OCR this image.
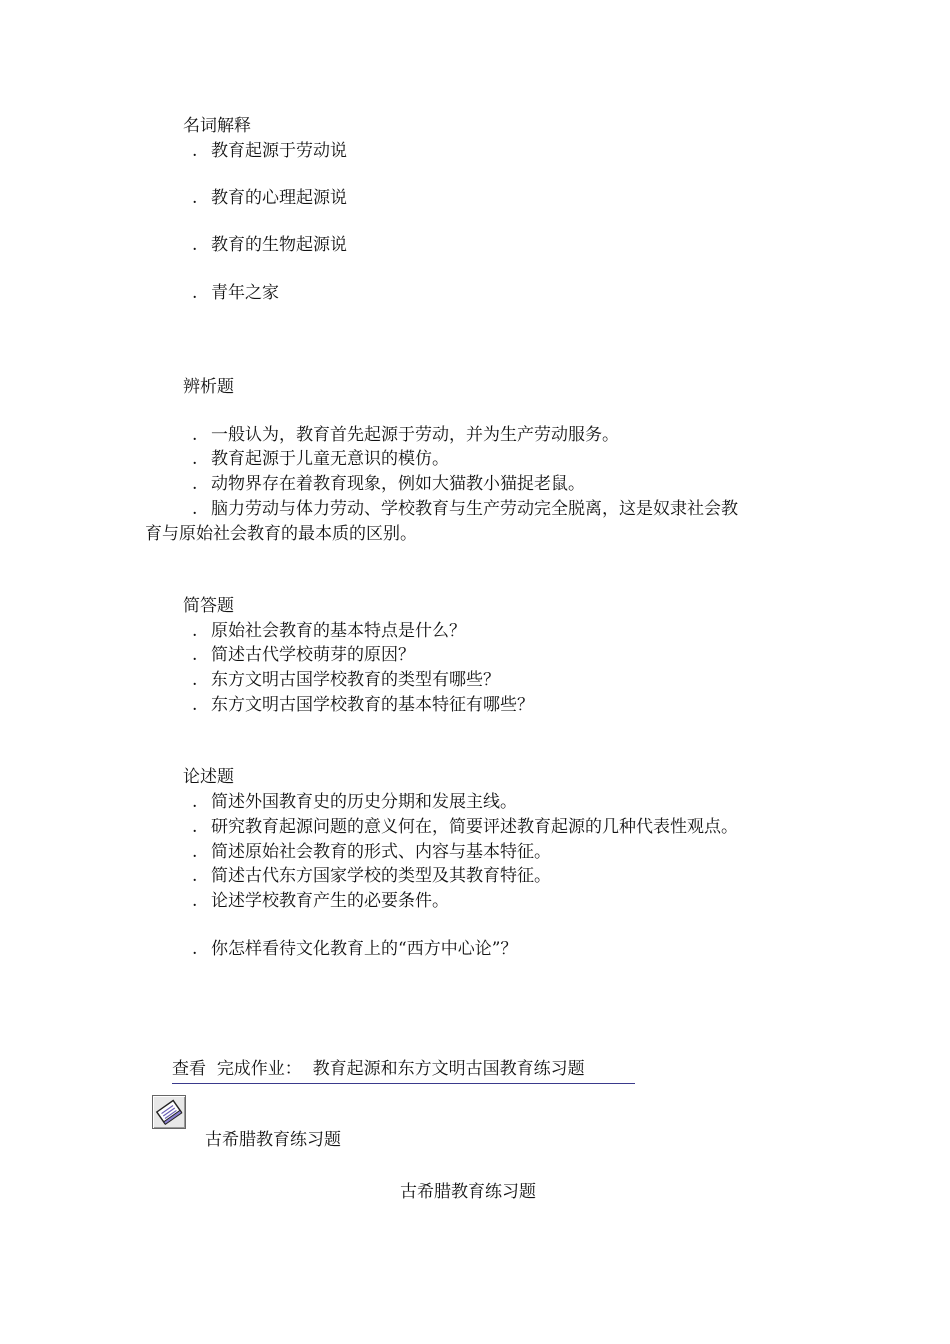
名词解释
. 教育起源于劳动说
. 教育的心理起源说
. 教育的生物起源说
. 青年之家
辨析题
. 一般认为，教育首先起源于劳动，并为生产劳动服务。
. 教育起源于儿童无意识的模仿。
. 动物界存在着教育现象，例如大猫教小猫捉老鼠。
. 脑力劳动与体力劳动、学校教育与生产劳动完全脱离，这是奴隶社会教
育与原始社会教育的最本质的区别。
简答题
. 原始社会教育的基本特点是什么？
. 简述古代学校萌芽的原因？
. 东方文明古国学校教育的类型有哪些？
. 东方文明古国学校教育的基本特征有哪些？
论述题
. 简述外国教育史的历史分期和发展主线。
. 研究教育起源问题的意义何在，简要评述教育起源的几种代表性观点。
. 简述原始社会教育的形式、内容与基本特征。
. 简述古代东方国家学校的类型及其教育特征。
. 论述学校教育产生的必要条件。
. 你怎样看待文化教育上的“西方中心论”？
查看 完成作业： 教育起源和东方文明古国教育练习题
古希腊教育练习题
古希腊教育练习题
